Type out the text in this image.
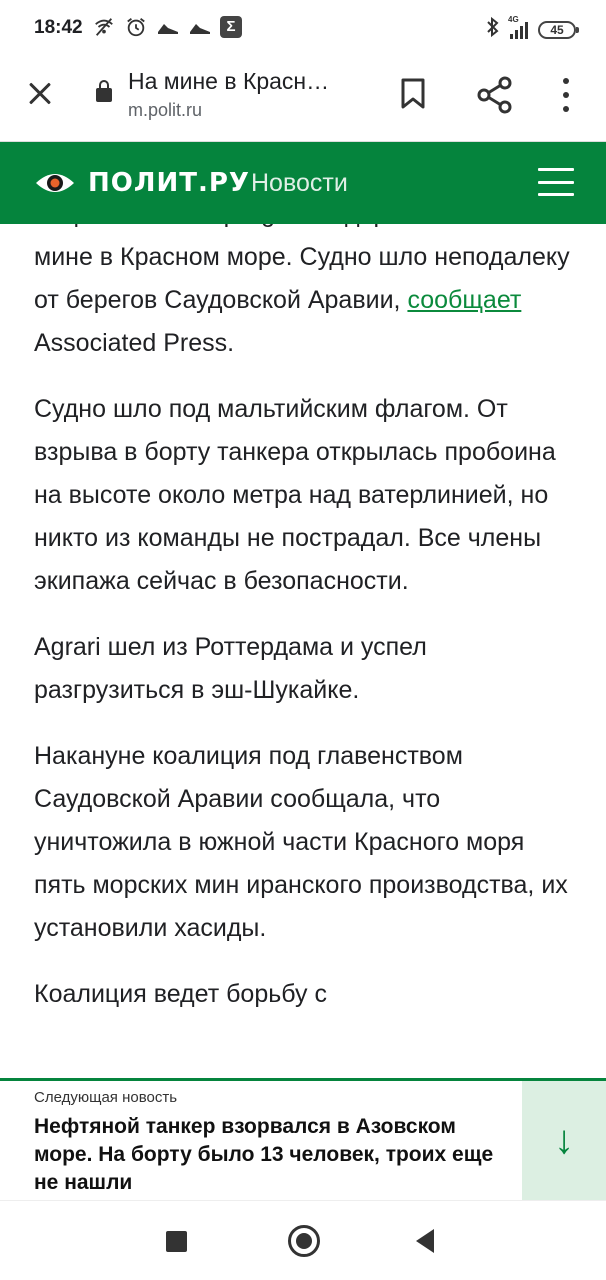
18:42	Σ	4G
45
На мине в Красн…
m.polit.ru

мине в Красном море. Судно шло неподалеку от берегов Саудовской Аравии, сообщает Associated Press.

Судно шло под мальтийским флагом. От взрыва в борту танкера открылась пробоина на высоте около метра над ватерлинией, но никто из команды не пострадал. Все члены экипажа сейчас в безопасности.

Agrari шел из Роттердама и успел разгрузиться в эш-Шукайке.

Накануне коалиция под главенством Саудовской Аравии сообщала, что уничтожила в южной части Красного моря пять морских мин иранского производства, их установили хасиды.

Коалиция ведет борьбу с

ПОЛИТ.РУ Новости
Следующая новость
Нефтяной танкер взорвался в Азовском море. На борту было 13 человек, троих еще не нашли
↓
